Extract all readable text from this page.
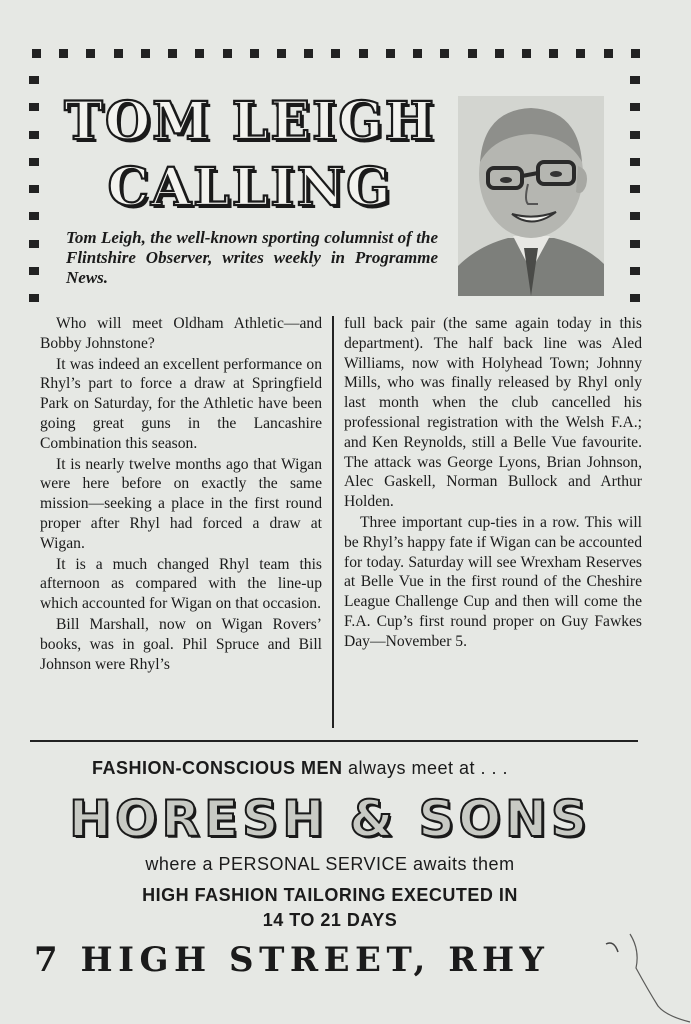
TOM LEIGH
CALLING
Tom Leigh, the well-known sporting columnist of the Flintshire Observer, writes weekly in Programme News.

Who will meet Oldham Athletic—and Bobby Johnstone?

It was indeed an excellent performance on Rhyl’s part to force a draw at Springfield Park on Saturday, for the Athletic have been going great guns in the Lancashire Combination this season.

It is nearly twelve months ago that Wigan were here before on exactly the same mission—seeking a place in the first round proper after Rhyl had forced a draw at Wigan.

It is a much changed Rhyl team this afternoon as compared with the line-up which accounted for Wigan on that occasion.

Bill Marshall, now on Wigan Rovers’ books, was in goal. Phil Spruce and Bill Johnson were Rhyl’s

full back pair (the same again today in this department). The half back line was Aled Williams, now with Holyhead Town; Johnny Mills, who was finally released by Rhyl only last month when the club cancelled his professional registration with the Welsh F.A.; and Ken Reynolds, still a Belle Vue favourite. The attack was George Lyons, Brian Johnson, Alec Gaskell, Norman Bullock and Arthur Holden.

Three important cup-ties in a row. This will be Rhyl’s happy fate if Wigan can be accounted for today. Saturday will see Wrexham Reserves at Belle Vue in the first round of the Cheshire League Challenge Cup and then will come the F.A. Cup’s first round proper on Guy Fawkes Day—November 5.

FASHION-CONSCIOUS MEN always meet at . . .
HORESH & SONS
where a PERSONAL SERVICE awaits them
HIGH FASHION TAILORING EXECUTED IN
14 TO 21 DAYS
7 HIGH STREET, RHY
